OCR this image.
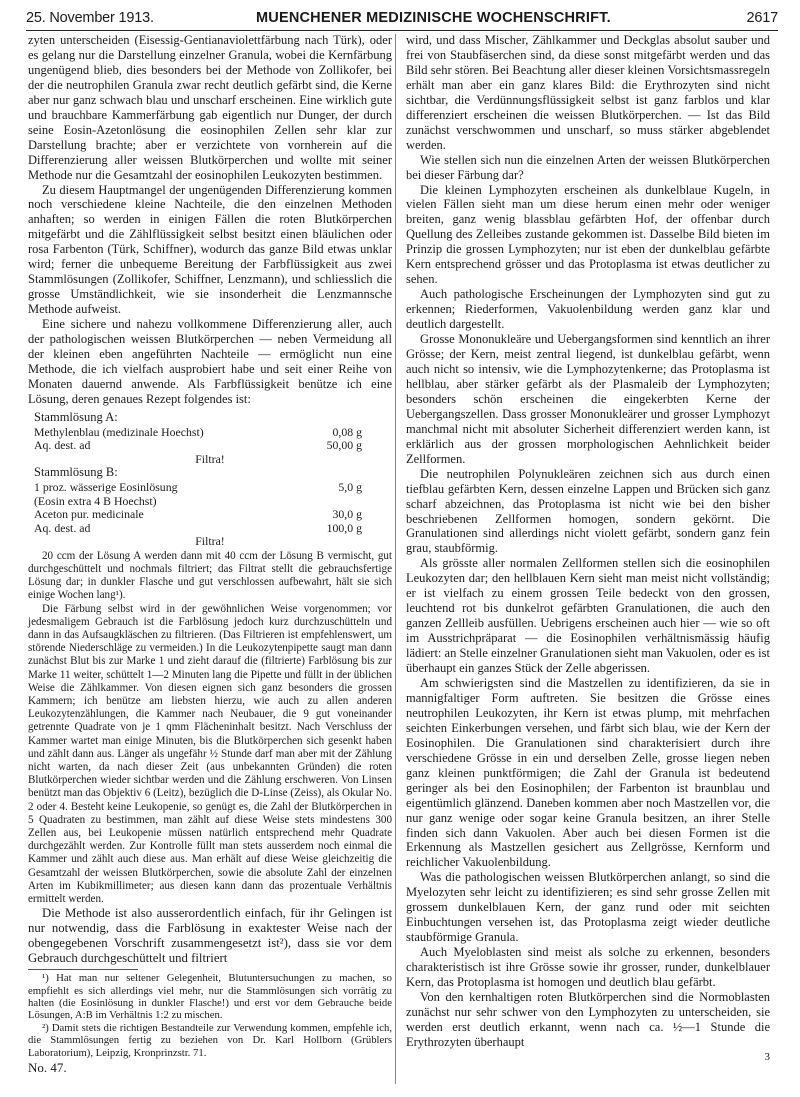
25. November 1913.	MUENCHENER MEDIZINISCHE WOCHENSCHRIFT.	2617

zyten unterscheiden (Eisessig-Gentianaviolettfärbung nach Türk), oder es gelang nur die Darstellung einzelner Granula, wobei die Kernfärbung ungenügend blieb, dies besonders bei der Methode von Zollikofer, bei der die neutrophilen Granula zwar recht deutlich gefärbt sind, die Kerne aber nur ganz schwach blau und unscharf erscheinen. Eine wirklich gute und brauchbare Kammerfärbung gab eigentlich nur Dunger, der durch seine Eosin-Azetonlösung die eosinophilen Zellen sehr klar zur Darstellung brachte; aber er verzichtete von vornherein auf die Differenzierung aller weissen Blutkörperchen und wollte mit seiner Methode nur die Gesamtzahl der eosinophilen Leukozyten bestimmen.

Zu diesem Hauptmangel der ungenügenden Differenzierung kommen noch verschiedene kleine Nachteile, die den einzelnen Methoden anhaften; so werden in einigen Fällen die roten Blutkörperchen mitgefärbt und die Zählflüssigkeit selbst besitzt einen bläulichen oder rosa Farbenton (Türk, Schiffner), wodurch das ganze Bild etwas unklar wird; ferner die unbequeme Bereitung der Farbflüssigkeit aus zwei Stammlösungen (Zollikofer, Schiffner, Lenzmann), und schliesslich die grosse Umständlichkeit, wie sie insonderheit die Lenzmannsche Methode aufweist.

Eine sichere und nahezu vollkommene Differenzierung aller, auch der pathologischen weissen Blutkörperchen — neben Vermeidung all der kleinen eben angeführten Nachteile — ermöglicht nun eine Methode, die ich vielfach ausprobiert habe und seit einer Reihe von Monaten dauernd anwende. Als Farbflüssigkeit benütze ich eine Lösung, deren genaues Rezept folgendes ist:

Stammlösung A:
Methylenblau (medizinale Hoechst)	0,08 g
Aq. dest. ad	50,00 g
Filtra!
Stammlösung B:
1 proz. wässerige Eosinlösung	5,0 g
(Eosin extra 4 B Hoechst)
Aceton pur. medicinale	30,0 g
Aq. dest. ad	100,0 g
Filtra!

20 ccm der Lösung A werden dann mit 40 ccm der Lösung B vermischt, gut durchgeschüttelt und nochmals filtriert; das Filtrat stellt die gebrauchsfertige Lösung dar; in dunkler Flasche und gut verschlossen aufbewahrt, hält sie sich einige Wochen lang¹).

Die Färbung selbst wird in der gewöhnlichen Weise vorgenommen; vor jedesmaligem Gebrauch ist die Farblösung jedoch kurz durchzuschütteln und dann in das Aufsaugkläschen zu filtrieren. (Das Filtrieren ist empfehlenswert, um störende Niederschläge zu vermeiden.) In die Leukozytenpipette saugt man dann zunächst Blut bis zur Marke 1 und zieht darauf die (filtrierte) Farblösung bis zur Marke 11 weiter, schüttelt 1—2 Minuten lang die Pipette und füllt in der üblichen Weise die Zählkammer. Von diesen eignen sich ganz besonders die grossen Kammern; ich benütze am liebsten hierzu, wie auch zu allen anderen Leukozytenzählungen, die Kammer nach Neubauer, die 9 gut voneinander getrennte Quadrate von je 1 qmm Flächeninhalt besitzt. Nach Verschluss der Kammer wartet man einige Minuten, bis die Blutkörperchen sich gesenkt haben und zählt dann aus. Länger als ungefähr ½ Stunde darf man aber mit der Zählung nicht warten, da nach dieser Zeit (aus unbekannten Gründen) die roten Blutkörperchen wieder sichtbar werden und die Zählung erschweren. Von Linsen benützt man das Objektiv 6 (Leitz), bezüglich die D-Linse (Zeiss), als Okular No. 2 oder 4. Besteht keine Leukopenie, so genügt es, die Zahl der Blutkörperchen in 5 Quadraten zu bestimmen, man zählt auf diese Weise stets mindestens 300 Zellen aus, bei Leukopenie müssen natürlich entsprechend mehr Quadrate durchgezählt werden. Zur Kontrolle füllt man stets ausserdem noch einmal die Kammer und zählt auch diese aus. Man erhält auf diese Weise gleichzeitig die Gesamtzahl der weissen Blutkörperchen, sowie die absolute Zahl der einzelnen Arten im Kubikmillimeter; aus diesen kann dann das prozentuale Verhältnis ermittelt werden.

Die Methode ist also ausserordentlich einfach, für ihr Gelingen ist nur notwendig, dass die Farblösung in exaktester Weise nach der obengegebenen Vorschrift zusammengesetzt ist²), dass sie vor dem Gebrauch durchgeschüttelt und filtriert

¹) Hat man nur seltener Gelegenheit, Blutuntersuchungen zu machen, so empfiehlt es sich allerdings viel mehr, nur die Stammlösungen sich vorrätig zu halten (die Eosinlösung in dunkler Flasche!) und erst vor dem Gebrauche beide Lösungen, A:B im Verhältnis 1:2 zu mischen.

²) Damit stets die richtigen Bestandteile zur Verwendung kommen, empfehle ich, die Stammlösungen fertig zu beziehen von Dr. Karl Hollborn (Grüblers Laboratorium), Leipzig, Kronprinzstr. 71.

No. 47.

wird, und dass Mischer, Zählkammer und Deckglas absolut sauber und frei von Staubfäserchen sind, da diese sonst mitgefärbt werden und das Bild sehr stören. Bei Beachtung aller dieser kleinen Vorsichtsmassregeln erhält man aber ein ganz klares Bild: die Erythrozyten sind nicht sichtbar, die Verdünnungsflüssigkeit selbst ist ganz farblos und klar differenziert erscheinen die weissen Blutkörperchen. — Ist das Bild zunächst verschwommen und unscharf, so muss stärker abgeblendet werden.

Wie stellen sich nun die einzelnen Arten der weissen Blutkörperchen bei dieser Färbung dar?

Die kleinen Lymphozyten erscheinen als dunkelblaue Kugeln, in vielen Fällen sieht man um diese herum einen mehr oder weniger breiten, ganz wenig blassblau gefärbten Hof, der offenbar durch Quellung des Zelleibes zustande gekommen ist. Dasselbe Bild bieten im Prinzip die grossen Lymphozyten; nur ist eben der dunkelblau gefärbte Kern entsprechend grösser und das Protoplasma ist etwas deutlicher zu sehen.

Auch pathologische Erscheinungen der Lymphozyten sind gut zu erkennen; Riederformen, Vakuolenbildung werden ganz klar und deutlich dargestellt.

Grosse Mononukleäre und Uebergangsformen sind kenntlich an ihrer Grösse; der Kern, meist zentral liegend, ist dunkelblau gefärbt, wenn auch nicht so intensiv, wie die Lymphozytenkerne; das Protoplasma ist hellblau, aber stärker gefärbt als der Plasmaleib der Lymphozyten; besonders schön erscheinen die eingekerbten Kerne der Uebergangszellen. Dass grosser Mononukleärer und grosser Lymphozyt manchmal nicht mit absoluter Sicherheit differenziert werden kann, ist erklärlich aus der grossen morphologischen Aehnlichkeit beider Zellformen.

Die neutrophilen Polynukleären zeichnen sich aus durch einen tiefblau gefärbten Kern, dessen einzelne Lappen und Brücken sich ganz scharf abzeichnen, das Protoplasma ist nicht wie bei den bisher beschriebenen Zellformen homogen, sondern gekörnt. Die Granulationen sind allerdings nicht violett gefärbt, sondern ganz fein grau, staubförmig.

Als grösste aller normalen Zellformen stellen sich die eosinophilen Leukozyten dar; den hellblauen Kern sieht man meist nicht vollständig; er ist vielfach zu einem grossen Teile bedeckt von den grossen, leuchtend rot bis dunkelrot gefärbten Granulationen, die auch den ganzen Zellleib ausfüllen. Uebrigens erscheinen auch hier — wie so oft im Ausstrichpräparat — die Eosinophilen verhältnismässig häufig lädiert: an Stelle einzelner Granulationen sieht man Vakuolen, oder es ist überhaupt ein ganzes Stück der Zelle abgerissen.

Am schwierigsten sind die Mastzellen zu identifizieren, da sie in mannigfaltiger Form auftreten. Sie besitzen die Grösse eines neutrophilen Leukozyten, ihr Kern ist etwas plump, mit mehrfachen seichten Einkerbungen versehen, und färbt sich blau, wie der Kern der Eosinophilen. Die Granulationen sind charakterisiert durch ihre verschiedene Grösse in ein und derselben Zelle, grosse liegen neben ganz kleinen punktförmigen; die Zahl der Granula ist bedeutend geringer als bei den Eosinophilen; der Farbenton ist braunblau und eigentümlich glänzend. Daneben kommen aber noch Mastzellen vor, die nur ganz wenige oder sogar keine Granula besitzen, an ihrer Stelle finden sich dann Vakuolen. Aber auch bei diesen Formen ist die Erkennung als Mastzellen gesichert aus Zellgrösse, Kernform und reichlicher Vakuolenbildung.

Was die pathologischen weissen Blutkörperchen anlangt, so sind die Myelozyten sehr leicht zu identifizieren; es sind sehr grosse Zellen mit grossem dunkelblauen Kern, der ganz rund oder mit seichten Einbuchtungen versehen ist, das Protoplasma zeigt wieder deutliche staubförmige Granula.

Auch Myeloblasten sind meist als solche zu erkennen, besonders charakteristisch ist ihre Grösse sowie ihr grosser, runder, dunkelblauer Kern, das Protoplasma ist homogen und deutlich blau gefärbt.

Von den kernhaltigen roten Blutkörperchen sind die Normoblasten zunächst nur sehr schwer von den Lymphozyten zu unterscheiden, sie werden erst deutlich erkannt, wenn nach ca. ½—1 Stunde die Erythrozyten überhaupt

3
